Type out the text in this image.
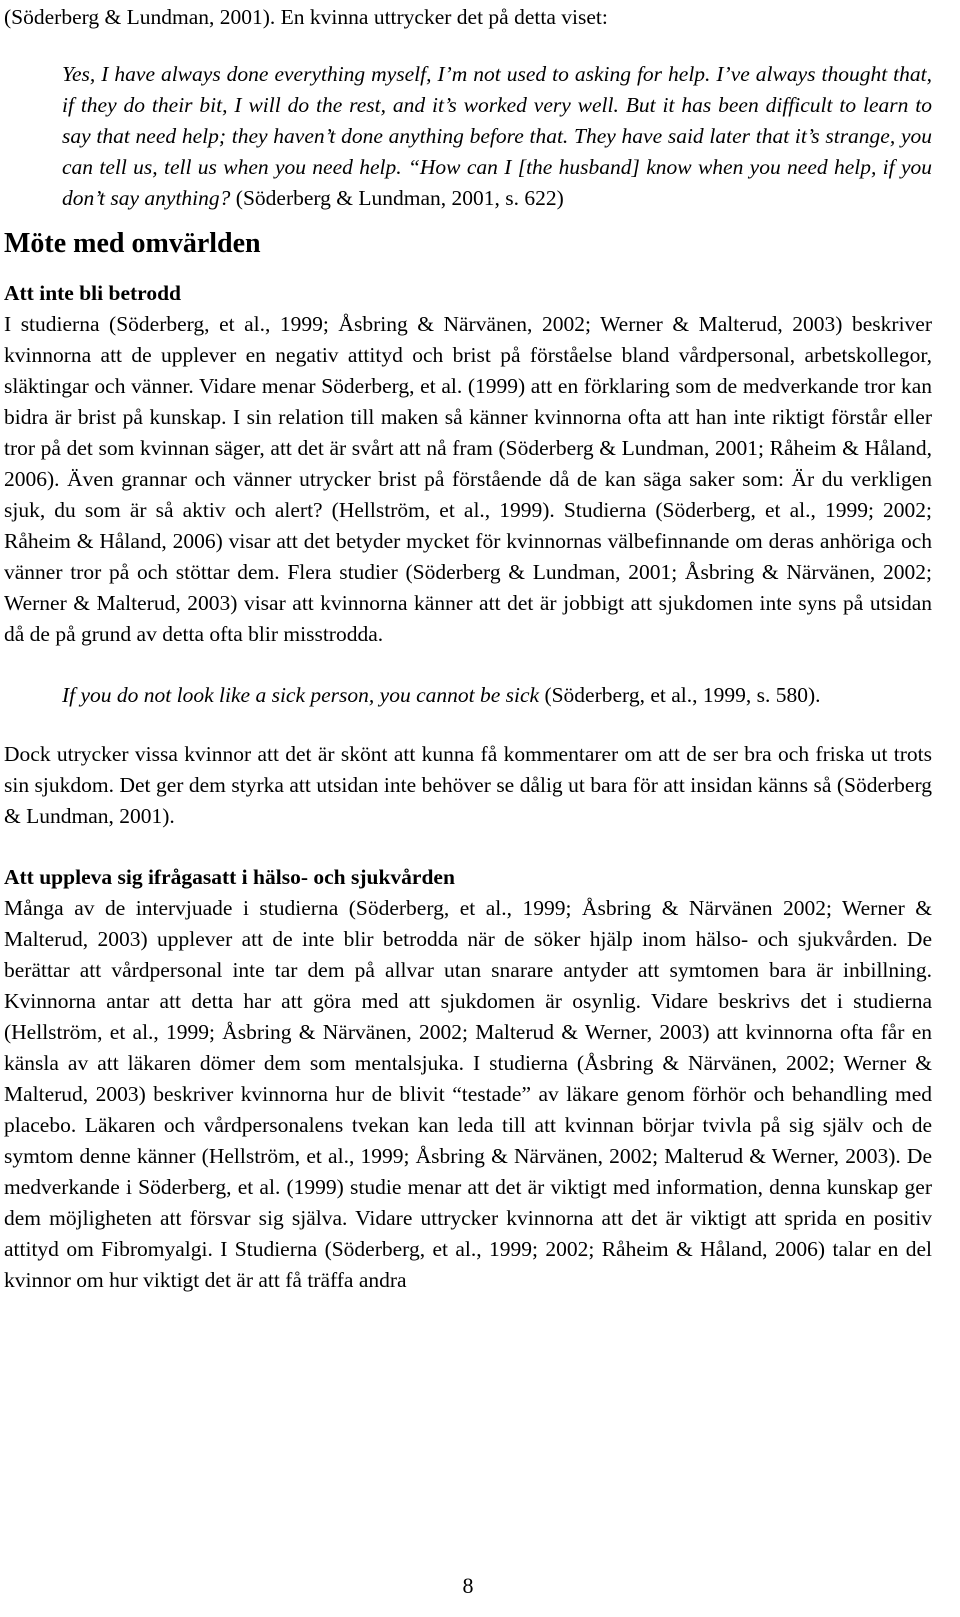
(Söderberg & Lundman, 2001). En kvinna uttrycker det på detta viset:

Yes, I have always done everything myself, I’m not used to asking for help. I’ve always thought that, if they do their bit, I will do the rest, and it’s worked very well. But it has been difficult to learn to say that need help; they haven’t done anything before that. They have said later that it’s strange, you can tell us, tell us when you need help. “How can I [the husband] know when you need help, if you don’t say anything? (Söderberg & Lundman, 2001, s. 622)

Möte med omvärlden
Att inte bli betrodd

I studierna (Söderberg, et al., 1999; Åsbring & Närvänen, 2002; Werner & Malterud, 2003) beskriver kvinnorna att de upplever en negativ attityd och brist på förståelse bland vårdpersonal, arbetskollegor, släktingar och vänner. Vidare menar Söderberg, et al. (1999) att en förklaring som de medverkande tror kan bidra är brist på kunskap. I sin relation till maken så känner kvinnorna ofta att han inte riktigt förstår eller tror på det som kvinnan säger, att det är svårt att nå fram (Söderberg & Lundman, 2001; Råheim & Håland, 2006). Även grannar och vänner utrycker brist på förstående då de kan säga saker som: Är du verkligen sjuk, du som är så aktiv och alert? (Hellström, et al., 1999). Studierna (Söderberg, et al., 1999; 2002; Råheim & Håland, 2006) visar att det betyder mycket för kvinnornas välbefinnande om deras anhöriga och vänner tror på och stöttar dem. Flera studier (Söderberg & Lundman, 2001; Åsbring & Närvänen, 2002; Werner & Malterud, 2003) visar att kvinnorna känner att det är jobbigt att sjukdomen inte syns på utsidan då de på grund av detta ofta blir misstrodda.

If you do not look like a sick person, you cannot be sick (Söderberg, et al., 1999, s. 580).

Dock utrycker vissa kvinnor att det är skönt att kunna få kommentarer om att de ser bra och friska ut trots sin sjukdom. Det ger dem styrka att utsidan inte behöver se dålig ut bara för att insidan känns så (Söderberg & Lundman, 2001).

Att uppleva sig ifrågasatt i hälso- och sjukvården

Många av de intervjuade i studierna (Söderberg, et al., 1999; Åsbring & Närvänen 2002; Werner & Malterud, 2003) upplever att de inte blir betrodda när de söker hjälp inom hälso- och sjukvården. De berättar att vårdpersonal inte tar dem på allvar utan snarare antyder att symtomen bara är inbillning. Kvinnorna antar att detta har att göra med att sjukdomen är osynlig. Vidare beskrivs det i studierna (Hellström, et al., 1999; Åsbring & Närvänen, 2002; Malterud & Werner, 2003) att kvinnorna ofta får en känsla av att läkaren dömer dem som mentalsjuka. I studierna (Åsbring & Närvänen, 2002; Werner & Malterud, 2003) beskriver kvinnorna hur de blivit “testade” av läkare genom förhör och behandling med placebo. Läkaren och vårdpersonalens tvekan kan leda till att kvinnan börjar tvivla på sig själv och de symtom denne känner (Hellström, et al., 1999; Åsbring & Närvänen, 2002; Malterud & Werner, 2003). De medverkande i Söderberg, et al. (1999) studie menar att det är viktigt med information, denna kunskap ger dem möjligheten att försvar sig själva. Vidare uttrycker kvinnorna att det är viktigt att sprida en positiv attityd om Fibromyalgi. I Studierna (Söderberg, et al., 1999; 2002; Råheim & Håland, 2006) talar en del kvinnor om hur viktigt det är att få träffa andra

8
